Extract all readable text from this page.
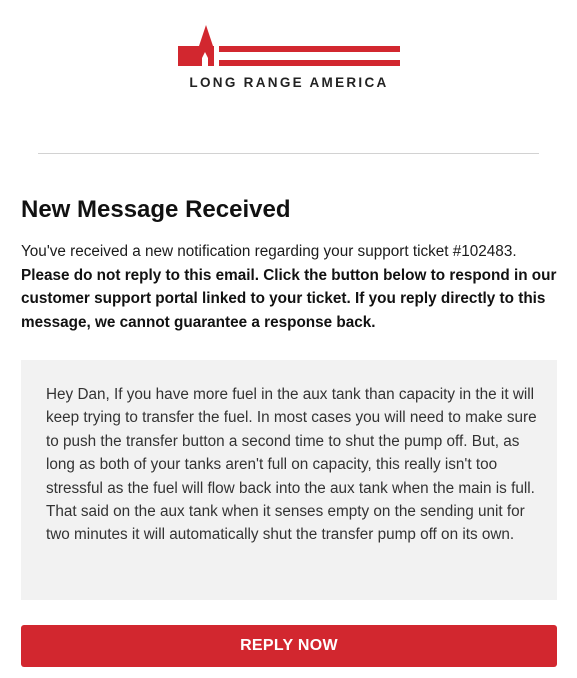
LONG RANGE AMERICA
New Message Received
You've received a new notification regarding your support ticket #102483. Please do not reply to this email. Click the button below to respond in our customer support portal linked to your ticket. If you reply directly to this message, we cannot guarantee a response back.
Hey Dan, If you have more fuel in the aux tank than capacity in the it will keep trying to transfer the fuel. In most cases you will need to make sure to push the transfer button a second time to shut the pump off. But, as long as both of your tanks aren't full on capacity, this really isn't too stressful as the fuel will flow back into the aux tank when the main is full. That said on the aux tank when it senses empty on the sending unit for two minutes it will automatically shut the transfer pump off on its own.
REPLY NOW
